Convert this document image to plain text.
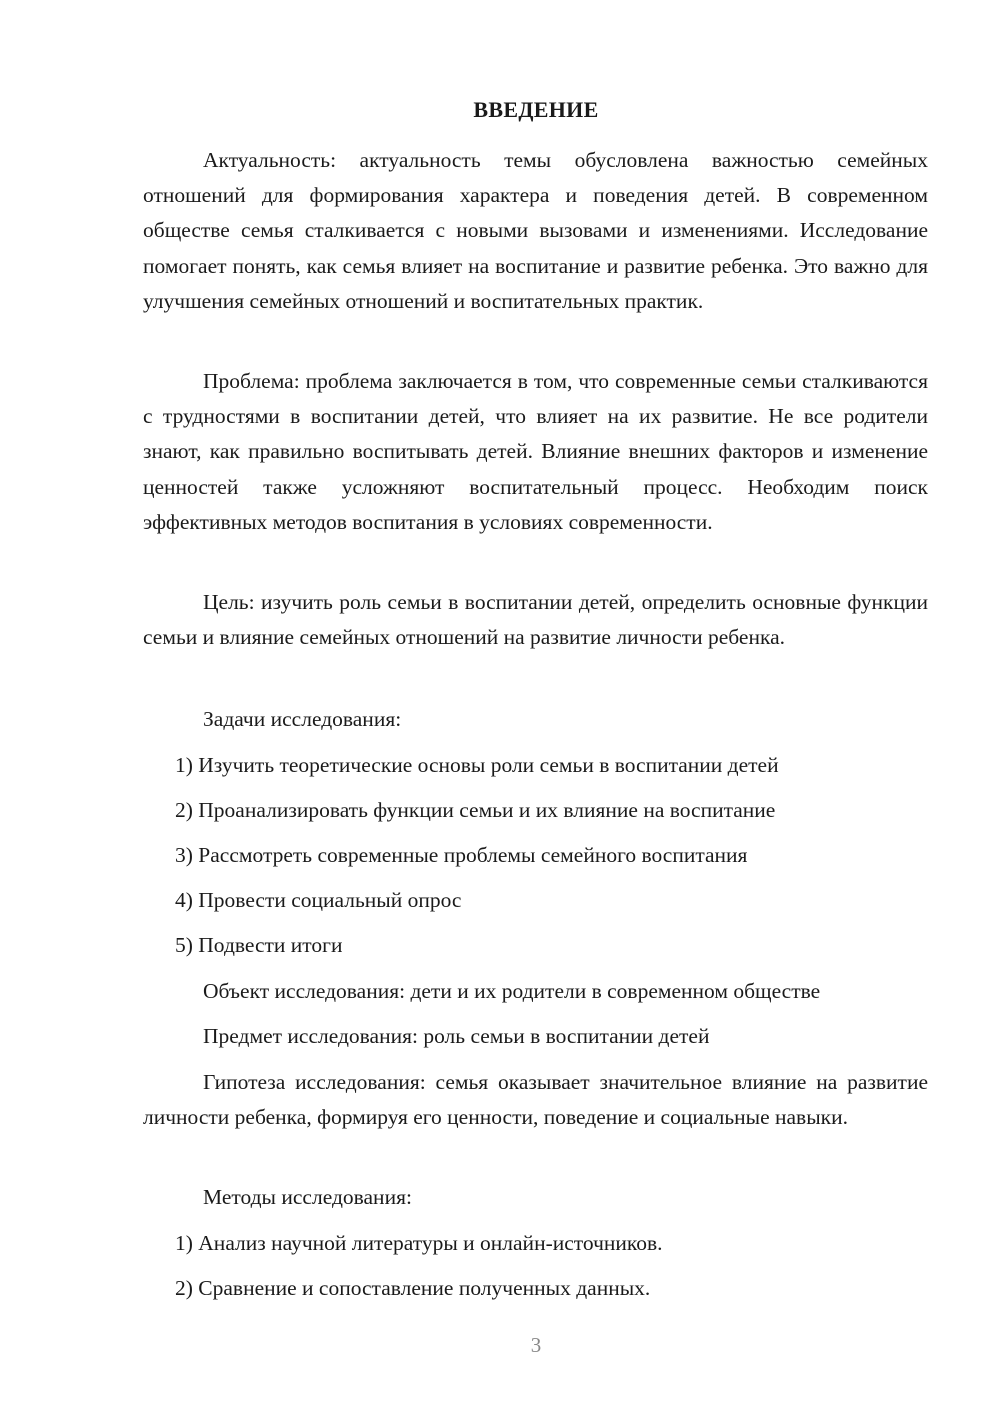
ВВЕДЕНИЕ
Актуальность: актуальность темы обусловлена важностью семейных отношений для формирования характера и поведения детей. В современном обществе семья сталкивается с новыми вызовами и изменениями. Исследование помогает понять, как семья влияет на воспитание и развитие ребенка. Это важно для улучшения семейных отношений и воспитательных практик.
Проблема: проблема заключается в том, что современные семьи сталкиваются с трудностями в воспитании детей, что влияет на их развитие. Не все родители знают, как правильно воспитывать детей. Влияние внешних факторов и изменение ценностей также усложняют воспитательный процесс. Необходим поиск эффективных методов воспитания в условиях современности.
Цель: изучить роль семьи в воспитании детей, определить основные функции семьи и влияние семейных отношений на развитие личности ребенка.
Задачи исследования:
1) Изучить теоретические основы роли семьи в воспитании детей
2) Проанализировать функции семьи и их влияние на воспитание
3) Рассмотреть современные проблемы семейного воспитания
4) Провести социальный опрос
5) Подвести итоги
Объект исследования: дети и их родители в современном обществе
Предмет исследования: роль семьи в воспитании детей
Гипотеза исследования: семья оказывает значительное влияние на развитие личности ребенка, формируя его ценности, поведение и социальные навыки.
Методы исследования:
1) Анализ научной литературы и онлайн-источников.
2) Сравнение и сопоставление полученных данных.
3
